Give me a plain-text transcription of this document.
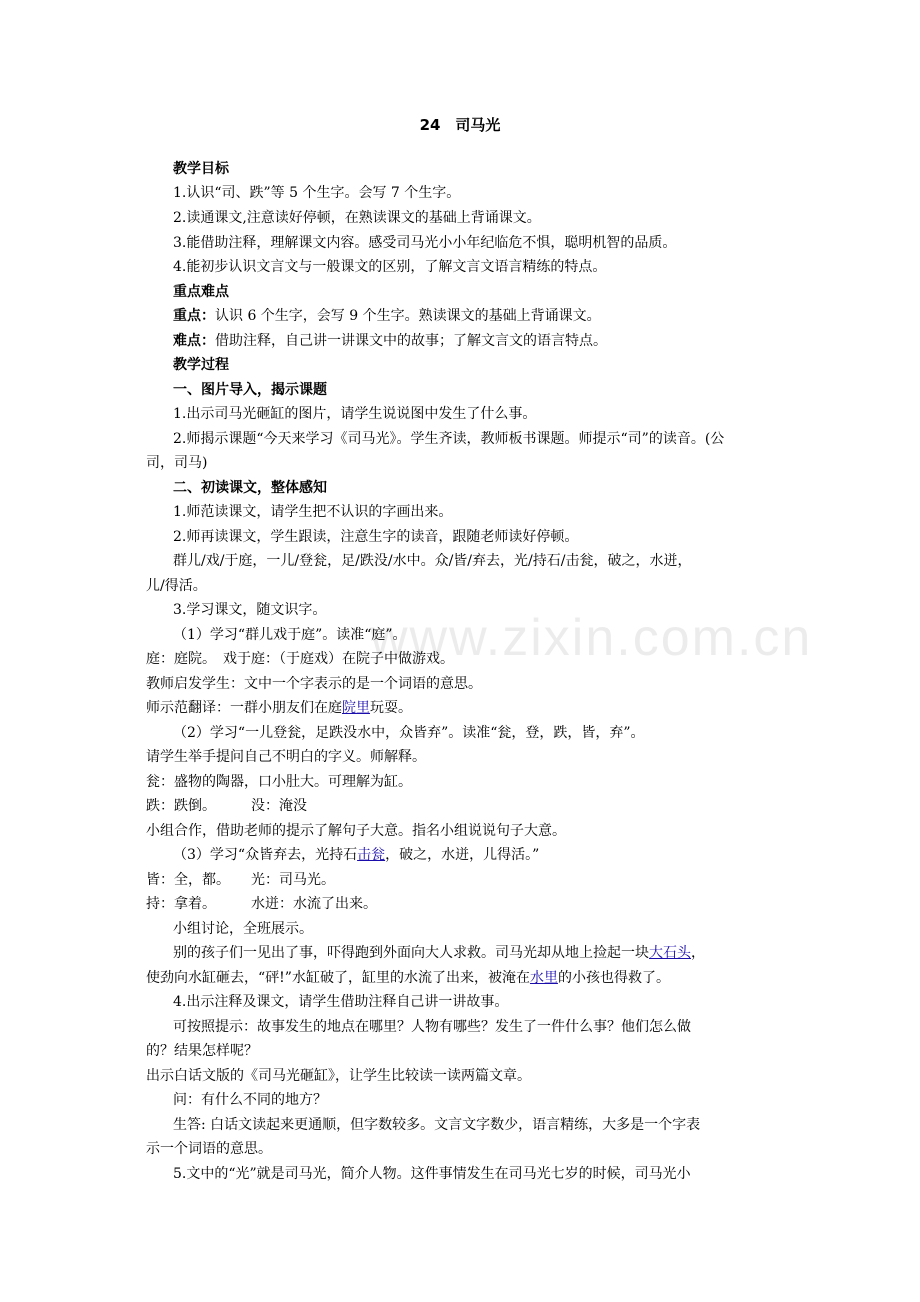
www.zixin.com.cn
24　司马光
教学目标
1.认识“司、跌”等 5 个生字。会写 7 个生字。
2.读通课文,注意读好停顿，在熟读课文的基础上背诵课文。
3.能借助注释，理解课文内容。感受司马光小小年纪临危不惧，聪明机智的品质。
4.能初步认识文言文与一般课文的区别，了解文言文语言精练的特点。
重点难点
重点：认识 6 个生字，会写 9 个生字。熟读课文的基础上背诵课文。
难点：借助注释，自己讲一讲课文中的故事；了解文言文的语言特点。
教学过程
一、图片导入，揭示课题
1.出示司马光砸缸的图片，请学生说说图中发生了什么事。
2.师揭示课题“今天来学习《司马光》。学生齐读，教师板书课题。师提示“司”的读音。(公
司，司马)
二、初读课文，整体感知
1.师范读课文，请学生把不认识的字画出来。
2.师再读课文，学生跟读，注意生字的读音，跟随老师读好停顿。
群儿/戏/于庭，一儿/登瓮，足/跌没/水中。众/皆/弃去，光/持石/击瓮，破之，水迸，
儿/得活。
3.学习课文，随文识字。
（1）学习“群儿戏于庭”。读准“庭”。
庭：庭院。　戏于庭：（于庭戏）在院子中做游戏。
教师启发学生：文中一个字表示的是一个词语的意思。
师示范翻译：一群小朋友们在庭院里玩耍。
（2）学习“一儿登瓮，足跌没水中，众皆弃”。读准“瓮，登，跌，皆，弃”。
请学生举手提问自己不明白的字义。师解释。
瓮：盛物的陶器，口小肚大。可理解为缸。
跌：跌倒。　　　没：淹没
小组合作，借助老师的提示了解句子大意。指名小组说说句子大意。
（3）学习“众皆弃去，光持石击瓮，破之，水迸，儿得活。”
皆：全，都。　　光：司马光。
持：拿着。　　　水迸：水流了出来。
小组讨论，全班展示。
别的孩子们一见出了事，吓得跑到外面向大人求救。司马光却从地上捡起一块大石头，
使劲向水缸砸去，“砰!”水缸破了，缸里的水流了出来，被淹在水里的小孩也得救了。
4.出示注释及课文，请学生借助注释自己讲一讲故事。
可按照提示：故事发生的地点在哪里？人物有哪些？发生了一件什么事？他们怎么做
的？结果怎样呢？
出示白话文版的《司马光砸缸》，让学生比较读一读两篇文章。
问：有什么不同的地方？
生答: 白话文读起来更通顺，但字数较多。文言文字数少，语言精练，大多是一个字表
示一个词语的意思。
5.文中的“光”就是司马光，简介人物。这件事情发生在司马光七岁的时候，司马光小
